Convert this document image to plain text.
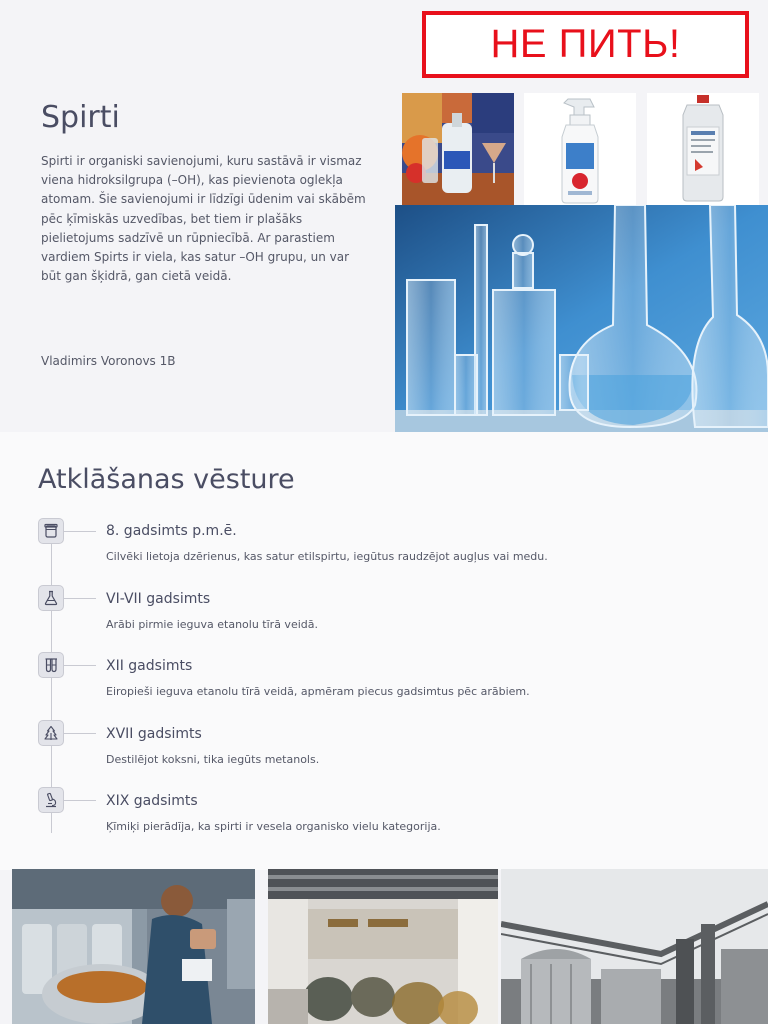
НЕ ПИТЬ!
Spirti

Spirti ir organiski savienojumi, kuru sastāvā ir vismaz viena hidroksilgrupa (–OH), kas pievienota oglekļa atomam. Šie savienojumi ir līdzīgi ūdenim vai skābēm pēc ķīmiskās uzvedības, bet tiem ir plašāks pielietojums sadzīvē un rūpniecībā. Ar parastiem vardiem Spirts ir viela, kas satur –OH grupu, un var būt gan šķidrā, gan cietā veidā.

Vladimirs Voronovs 1B
Atklāšanas vēsture
8. gadsimts p.m.ē.
Cilvēki lietoja dzērienus, kas satur etilspirtu, iegūtus raudzējot augļus vai medu.
VI-VII gadsimts
Arābi pirmie ieguva etanolu tīrā veidā.
XII gadsimts
Eiropieši ieguva etanolu tīrā veidā, apmēram piecus gadsimtus pēc arābiem.
XVII gadsimts
Destilējot koksni, tika iegūts metanols.
XIX gadsimts
Ķīmiķi pierādīja, ka spirti ir vesela organisko vielu kategorija.
